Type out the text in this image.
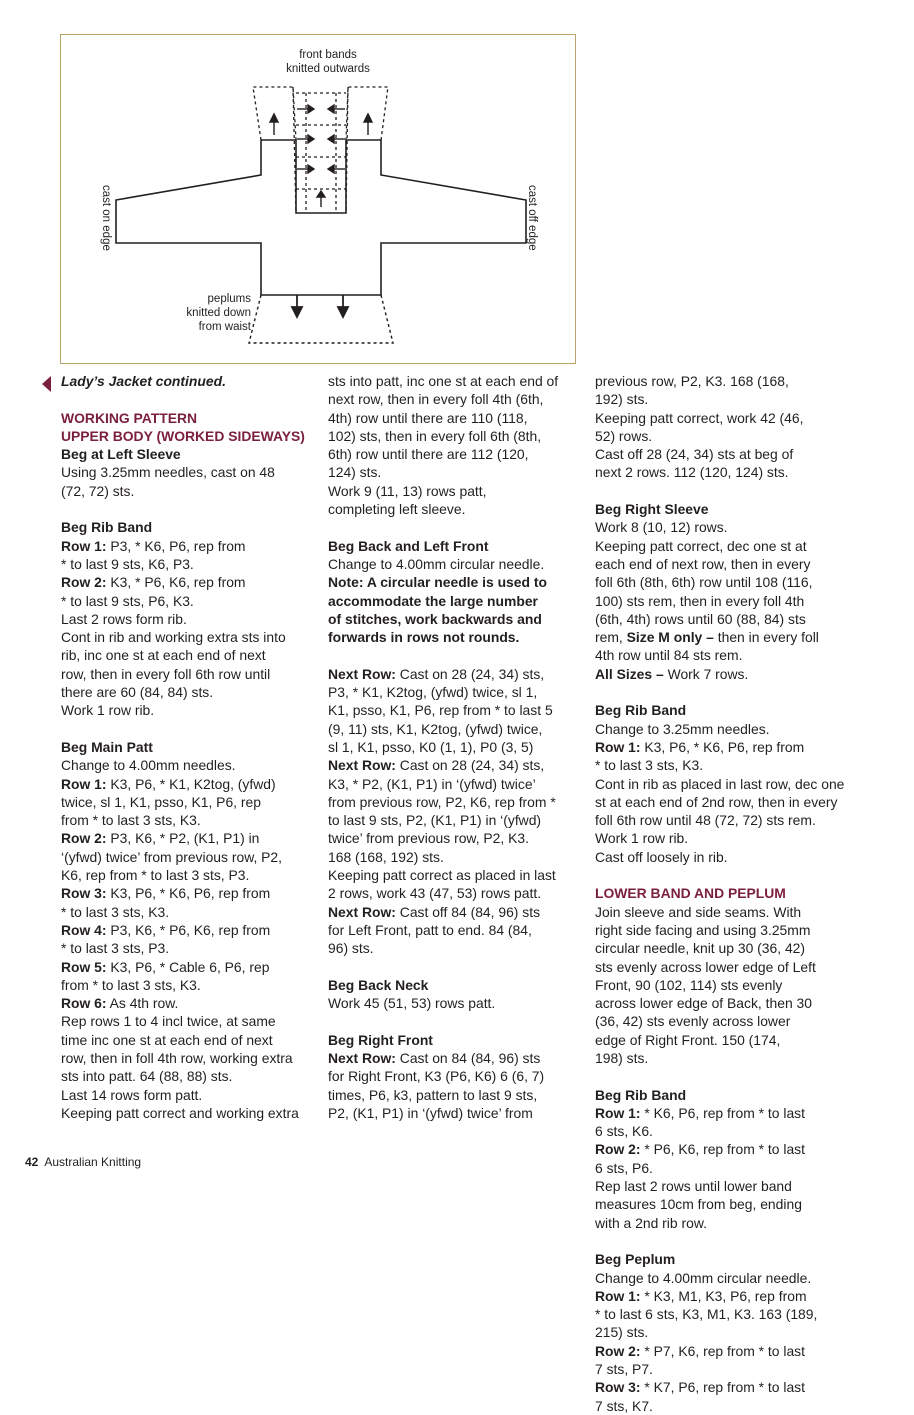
front bands
knitted outwards
cast on edge	cast off edge
peplums
knitted down
from waist

Lady’s Jacket continued.

WORKING PATTERN

UPPER BODY (WORKED SIDEWAYS)

Beg at Left Sleeve

Using 3.25mm needles, cast on 48

(72, 72) sts.

Beg Rib Band

Row 1: P3, * K6, P6, rep from

* to last 9 sts, K6, P3.

Row 2: K3, * P6, K6, rep from

* to last 9 sts, P6, K3.

Last 2 rows form rib.

Cont in rib and working extra sts into

rib, inc one st at each end of next

row, then in every foll 6th row until

there are 60 (84, 84) sts.

Work 1 row rib.

Beg Main Patt

Change to 4.00mm needles.

Row 1: K3, P6, * K1, K2tog, (yfwd)

twice, sl 1, K1, psso, K1, P6, rep

from * to last 3 sts, K3.

Row 2: P3, K6, * P2, (K1, P1) in

‘(yfwd) twice’ from previous row, P2,

K6, rep from * to last 3 sts, P3.

Row 3: K3, P6, * K6, P6, rep from

* to last 3 sts, K3.

Row 4: P3, K6, * P6, K6, rep from

* to last 3 sts, P3.

Row 5: K3, P6, * Cable 6, P6, rep

from * to last 3 sts, K3.

Row 6: As 4th row.

Rep rows 1 to 4 incl twice, at same

time inc one st at each end of next

row, then in foll 4th row, working extra

sts into patt. 64 (88, 88) sts.

Last 14 rows form patt.

Keeping patt correct and working extra

sts into patt, inc one st at each end of

next row, then in every foll 4th (6th,

4th) row until there are 110 (118,

102) sts, then in every foll 6th (8th,

6th) row until there are 112 (120,

124) sts.

Work 9 (11, 13) rows patt,

completing left sleeve.

Beg Back and Left Front

Change to 4.00mm circular needle.

Note: A circular needle is used to

accommodate the large number

of stitches, work backwards and

forwards in rows not rounds.

Next Row: Cast on 28 (24, 34) sts,

P3, * K1, K2tog, (yfwd) twice, sl 1,

K1, psso, K1, P6, rep from * to last 5

(9, 11) sts, K1, K2tog, (yfwd) twice,

sl 1, K1, psso, K0 (1, 1), P0 (3, 5)

Next Row: Cast on 28 (24, 34) sts,

K3, * P2, (K1, P1) in ‘(yfwd) twice’

from previous row, P2, K6, rep from *

to last 9 sts, P2, (K1, P1) in ‘(yfwd)

twice’ from previous row, P2, K3.

168 (168, 192) sts.

Keeping patt correct as placed in last

2 rows, work 43 (47, 53) rows patt.

Next Row: Cast off 84 (84, 96) sts

for Left Front, patt to end. 84 (84,

96) sts.

Beg Back Neck

Work 45 (51, 53) rows patt.

Beg Right Front

Next Row: Cast on 84 (84, 96) sts

for Right Front, K3 (P6, K6) 6 (6, 7)

times, P6, k3, pattern to last 9 sts,

P2, (K1, P1) in ‘(yfwd) twice’ from

previous row, P2, K3. 168 (168,

192) sts.

Keeping patt correct, work 42 (46,

52) rows.

Cast off 28 (24, 34) sts at beg of

next 2 rows. 112 (120, 124) sts.

Beg Right Sleeve

Work 8 (10, 12) rows.

Keeping patt correct, dec one st at

each end of next row, then in every

foll 6th (8th, 6th) row until 108 (116,

100) sts rem, then in every foll 4th

(6th, 4th) rows until 60 (88, 84) sts

rem, Size M only – then in every foll

4th row until 84 sts rem.

All Sizes – Work 7 rows.

Beg Rib Band

Change to 3.25mm needles.

Row 1: K3, P6, * K6, P6, rep from

* to last 3 sts, K3.

Cont in rib as placed in last row, dec one

st at each end of 2nd row, then in every

foll 6th row until 48 (72, 72) sts rem.

Work 1 row rib.

Cast off loosely in rib.

LOWER BAND AND PEPLUM

Join sleeve and side seams. With

right side facing and using 3.25mm

circular needle, knit up 30 (36, 42)

sts evenly across lower edge of Left

Front, 90 (102, 114) sts evenly

across lower edge of Back, then 30

(36, 42) sts evenly across lower

edge of Right Front. 150 (174,

198) sts.

Beg Rib Band

Row 1: * K6, P6, rep from * to last

6 sts, K6.

Row 2: * P6, K6, rep from * to last

6 sts, P6.

Rep last 2 rows until lower band

measures 10cm from beg, ending

with a 2nd rib row.

Beg Peplum

Change to 4.00mm circular needle.

Row 1: * K3, M1, K3, P6, rep from

* to last 6 sts, K3, M1, K3. 163 (189,

215) sts.

Row 2: * P7, K6, rep from * to last

7 sts, P7.

Row 3: * K7, P6, rep from * to last

7 sts, K7.

42 Australian Knitting
